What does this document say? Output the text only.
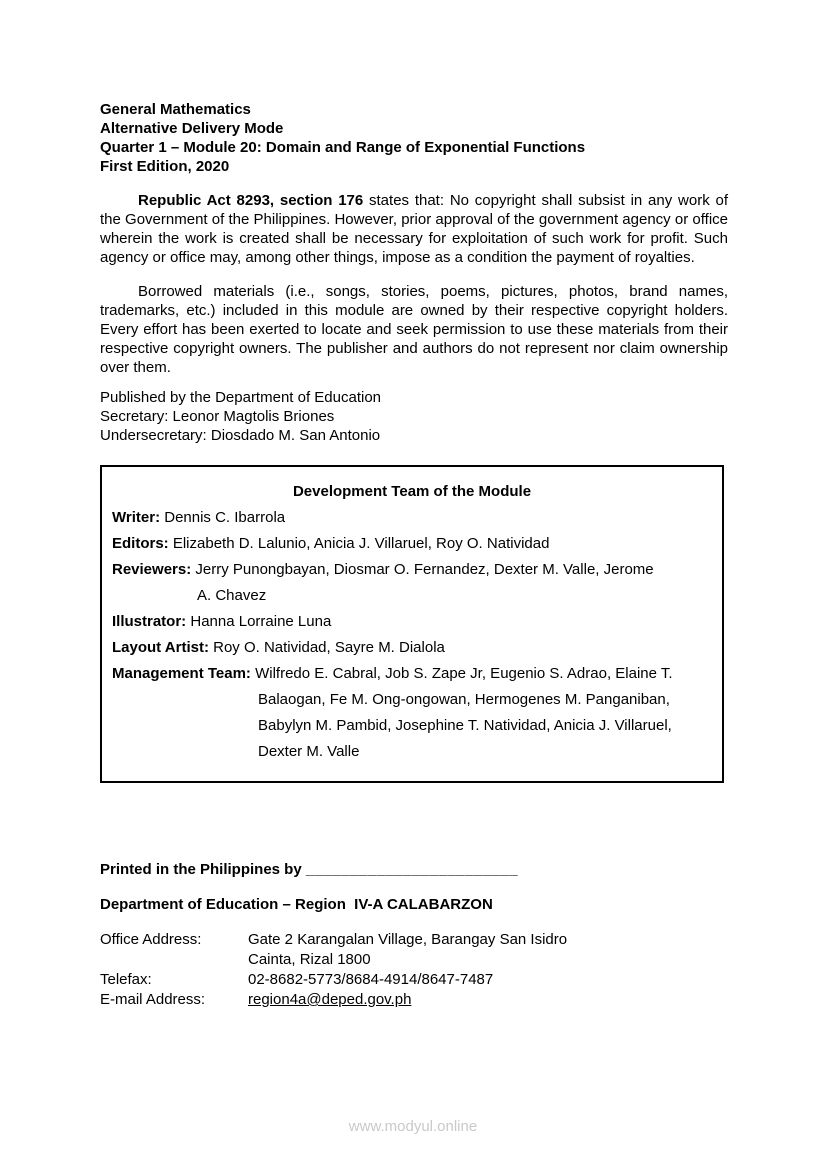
General Mathematics
Alternative Delivery Mode
Quarter 1 – Module 20: Domain and Range of Exponential Functions
First Edition, 2020

Republic Act 8293, section 176 states that: No copyright shall subsist in any work of the Government of the Philippines. However, prior approval of the government agency or office wherein the work is created shall be necessary for exploitation of such work for profit. Such agency or office may, among other things, impose as a condition the payment of royalties.

Borrowed materials (i.e., songs, stories, poems, pictures, photos, brand names, trademarks, etc.) included in this module are owned by their respective copyright holders. Every effort has been exerted to locate and seek permission to use these materials from their respective copyright owners. The publisher and authors do not represent nor claim ownership over them.

Published by the Department of Education
Secretary: Leonor Magtolis Briones
Undersecretary: Diosdado M. San Antonio
Development Team of the Module
Writer: Dennis C. Ibarrola
Editors: Elizabeth D. Lalunio, Anicia J. Villaruel, Roy O. Natividad
Reviewers: Jerry Punongbayan, Diosmar O. Fernandez, Dexter M. Valle, Jerome
A. Chavez
Illustrator: Hanna Lorraine Luna
Layout Artist: Roy O. Natividad, Sayre M. Dialola
Management Team: Wilfredo E. Cabral, Job S. Zape Jr, Eugenio S. Adrao, Elaine T.
Balaogan, Fe M. Ong-ongowan, Hermogenes M. Panganiban,
Babylyn M. Pambid, Josephine T. Natividad, Anicia J. Villaruel,
Dexter M. Valle

Printed in the Philippines by ________________________

Department of Education – Region  IV-A CALABARZON
Office Address:	Gate 2 Karangalan Village, Barangay San Isidro
Cainta, Rizal 1800
Telefax:	02-8682-5773/8684-4914/8647-7487
E-mail Address:	region4a@deped.gov.ph
www.modyul.online
